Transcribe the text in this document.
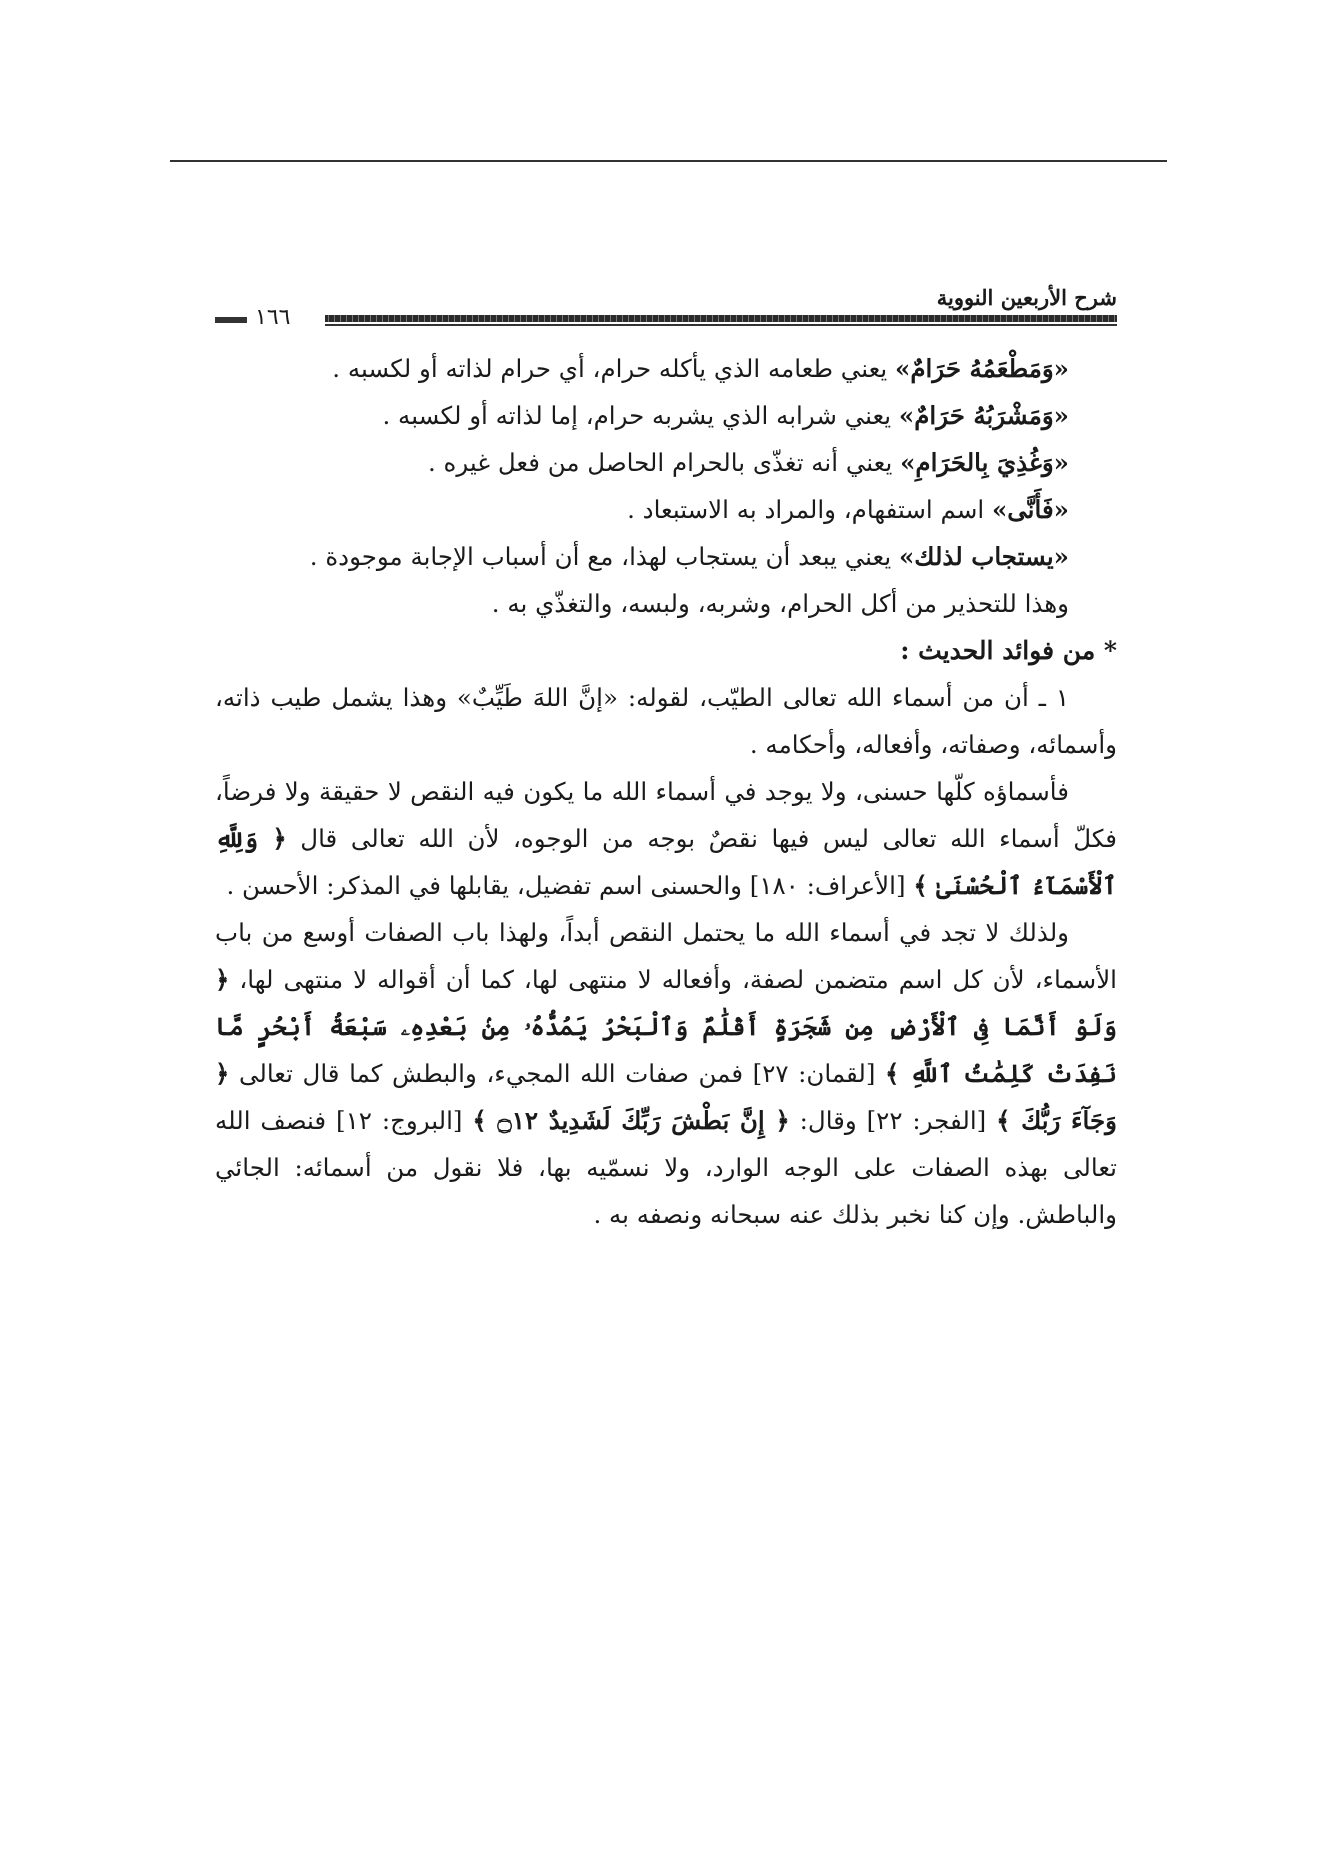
شرح الأربعين النووية
١٦٦

«وَمَطْعَمُهُ حَرَامٌ» يعني طعامه الذي يأكله حرام، أي حرام لذاته أو لكسبه .

«وَمَشْرَبُهُ حَرَامٌ» يعني شرابه الذي يشربه حرام، إما لذاته أو لكسبه .

«وَغُذِيَ بِالحَرَامِ» يعني أنه تغذّى بالحرام الحاصل من فعل غيره .

«فَأَنَّى» اسم استفهام، والمراد به الاستبعاد .

«يستجاب لذلك» يعني يبعد أن يستجاب لهذا، مع أن أسباب الإجابة موجودة .

وهذا للتحذير من أكل الحرام، وشربه، ولبسه، والتغذّي به .

* من فوائد الحديث :

١ ـ أن من أسماء الله تعالى الطيّب، لقوله: «إنَّ اللهَ طَيِّبٌ» وهذا يشمل طيب ذاته، وأسمائه، وصفاته، وأفعاله، وأحكامه .

فأسماؤه كلّها حسنى، ولا يوجد في أسماء الله ما يكون فيه النقص لا حقيقة ولا فرضاً، فكلّ أسماء الله تعالى ليس فيها نقصٌ بوجه من الوجوه، لأن الله تعالى قال ﴿ وَلِلَّهِ ٱلْأَسْمَآءُ ٱلْحُسْنَىٰ ﴾ [الأعراف: ١٨٠] والحسنى اسم تفضيل، يقابلها في المذكر: الأحسن .

ولذلك لا تجد في أسماء الله ما يحتمل النقص أبداً، ولهذا باب الصفات أوسع من باب الأسماء، لأن كل اسم متضمن لصفة، وأفعاله لا منتهى لها، كما أن أقواله لا منتهى لها، ﴿ وَلَوْ أَنَّمَا فِى ٱلْأَرْضِ مِن شَجَرَةٍ أَقْلَٰمٌ وَٱلْبَحْرُ يَمُدُّهُۥ مِنۢ بَعْدِهِۦ سَبْعَةُ أَبْحُرٍ مَّا نَفِدَتْ كَلِمَٰتُ ٱللَّهِ ﴾ [لقمان: ٢٧] فمن صفات الله المجيء، والبطش كما قال تعالى ﴿ وَجَآءَ رَبُّكَ ﴾ [الفجر: ٢٢] وقال: ﴿ إِنَّ بَطْشَ رَبِّكَ لَشَدِيدٌ ۝١٢ ﴾ [البروج: ١٢] فنصف الله تعالى بهذه الصفات على الوجه الوارد، ولا نسمّيه بها، فلا نقول من أسمائه: الجائي والباطش. وإن كنا نخبر بذلك عنه سبحانه ونصفه به .
